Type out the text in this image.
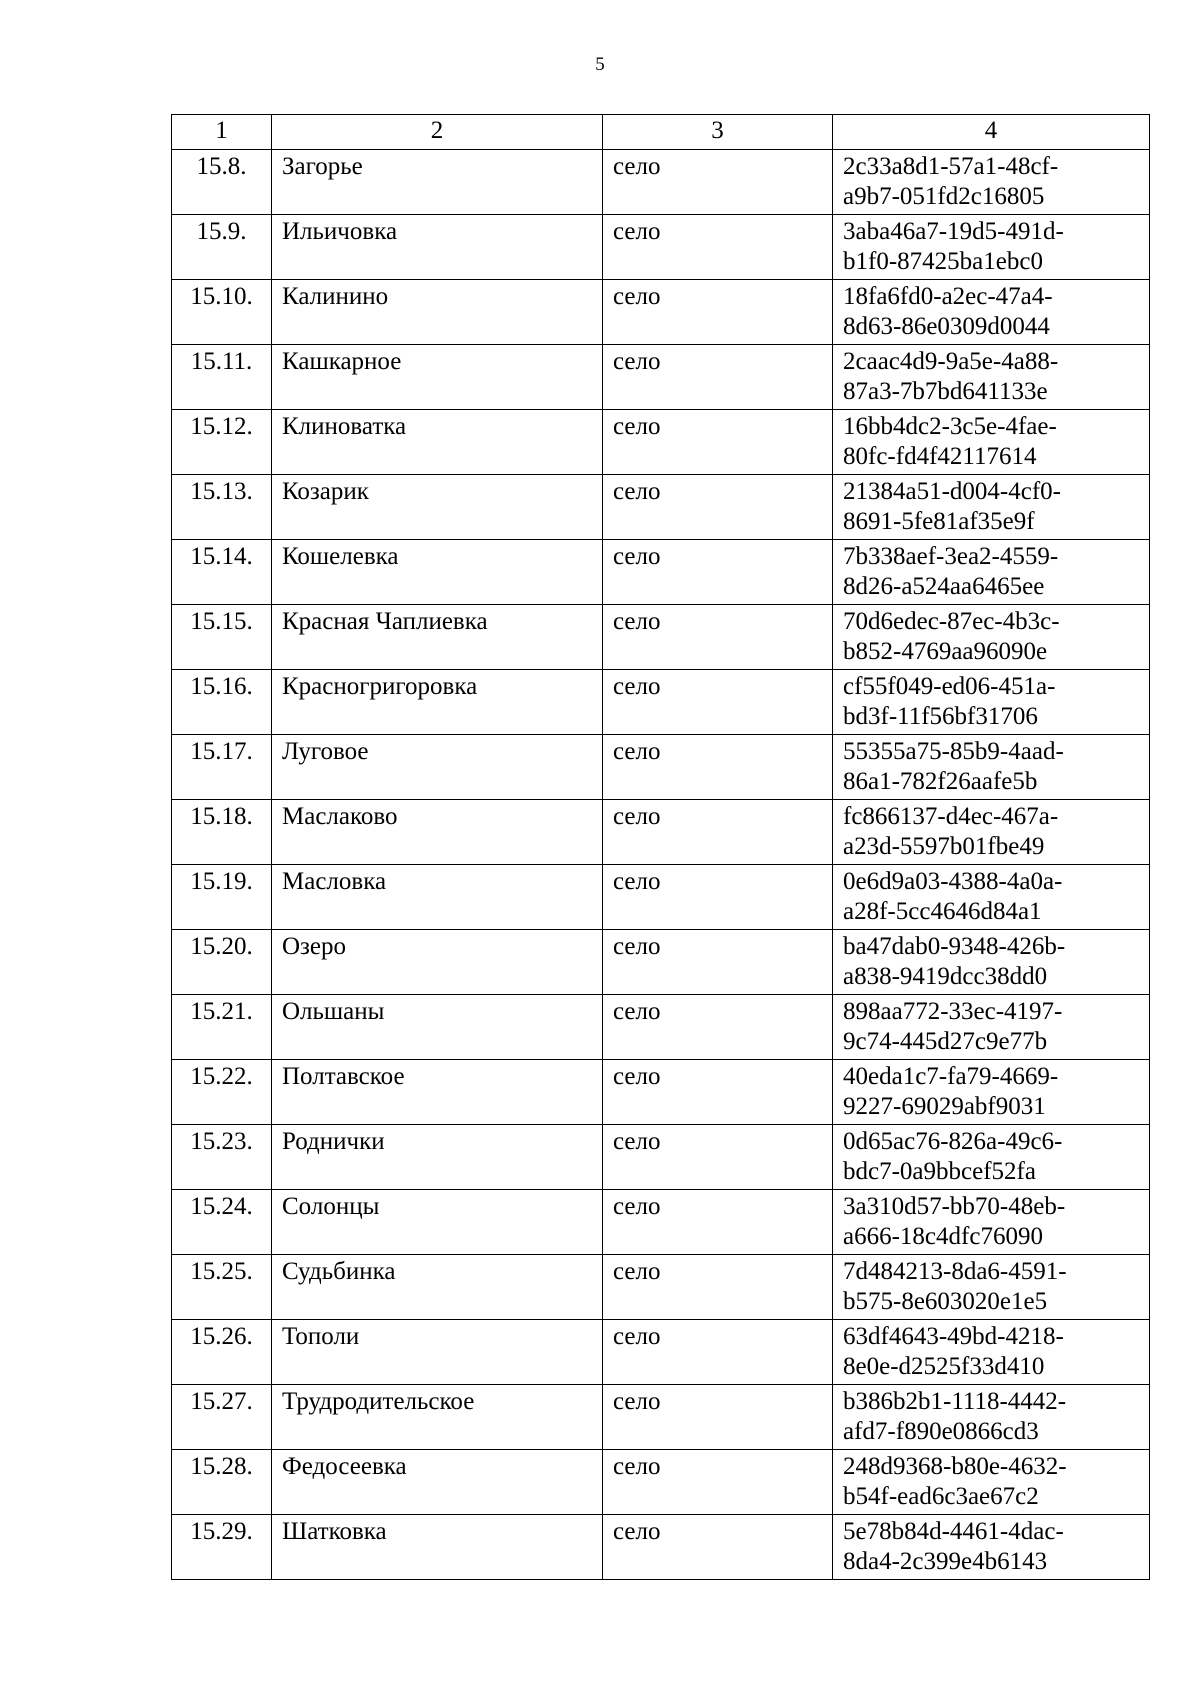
5
1	2	3	4
15.8.	Загорье	село	2c33a8d1-57a1-48cf-
a9b7-051fd2c16805

15.9.	Ильичовка	село	3aba46a7-19d5-491d-
b1f0-87425ba1ebc0

15.10.	Калинино	село	18fa6fd0-a2ec-47a4-
8d63-86e0309d0044

15.11.	Кашкарное	село	2caac4d9-9a5e-4a88-
87a3-7b7bd641133e

15.12.	Клиноватка	село	16bb4dc2-3c5e-4fae-
80fc-fd4f42117614

15.13.	Козарик	село	21384a51-d004-4cf0-
8691-5fe81af35e9f

15.14.	Кошелевка	село	7b338aef-3ea2-4559-
8d26-a524aa6465ee

15.15.	Красная Чаплиевка	село	70d6edec-87ec-4b3c-
b852-4769aa96090e

15.16.	Красногригоровка	село	cf55f049-ed06-451a-
bd3f-11f56bf31706

15.17.	Луговое	село	55355a75-85b9-4aad-
86a1-782f26aafe5b

15.18.	Маслаково	село	fc866137-d4ec-467a-
a23d-5597b01fbe49

15.19.	Масловка	село	0e6d9a03-4388-4a0a-
a28f-5cc4646d84a1

15.20.	Озеро	село	ba47dab0-9348-426b-
a838-9419dcc38dd0

15.21.	Ольшаны	село	898aa772-33ec-4197-
9c74-445d27c9e77b

15.22.	Полтавское	село	40eda1c7-fa79-4669-
9227-69029abf9031

15.23.	Роднички	село	0d65ac76-826a-49c6-
bdc7-0a9bbcef52fa

15.24.	Солонцы	село	3a310d57-bb70-48eb-
a666-18c4dfc76090

15.25.	Судьбинка	село	7d484213-8da6-4591-
b575-8e603020e1e5

15.26.	Тополи	село	63df4643-49bd-4218-
8e0e-d2525f33d410

15.27.	Трудродительское	село	b386b2b1-1118-4442-
afd7-f890e0866cd3

15.28.	Федосеевка	село	248d9368-b80e-4632-
b54f-ead6c3ae67c2

15.29.	Шатковка	село	5e78b84d-4461-4dac-
8da4-2c399e4b6143
